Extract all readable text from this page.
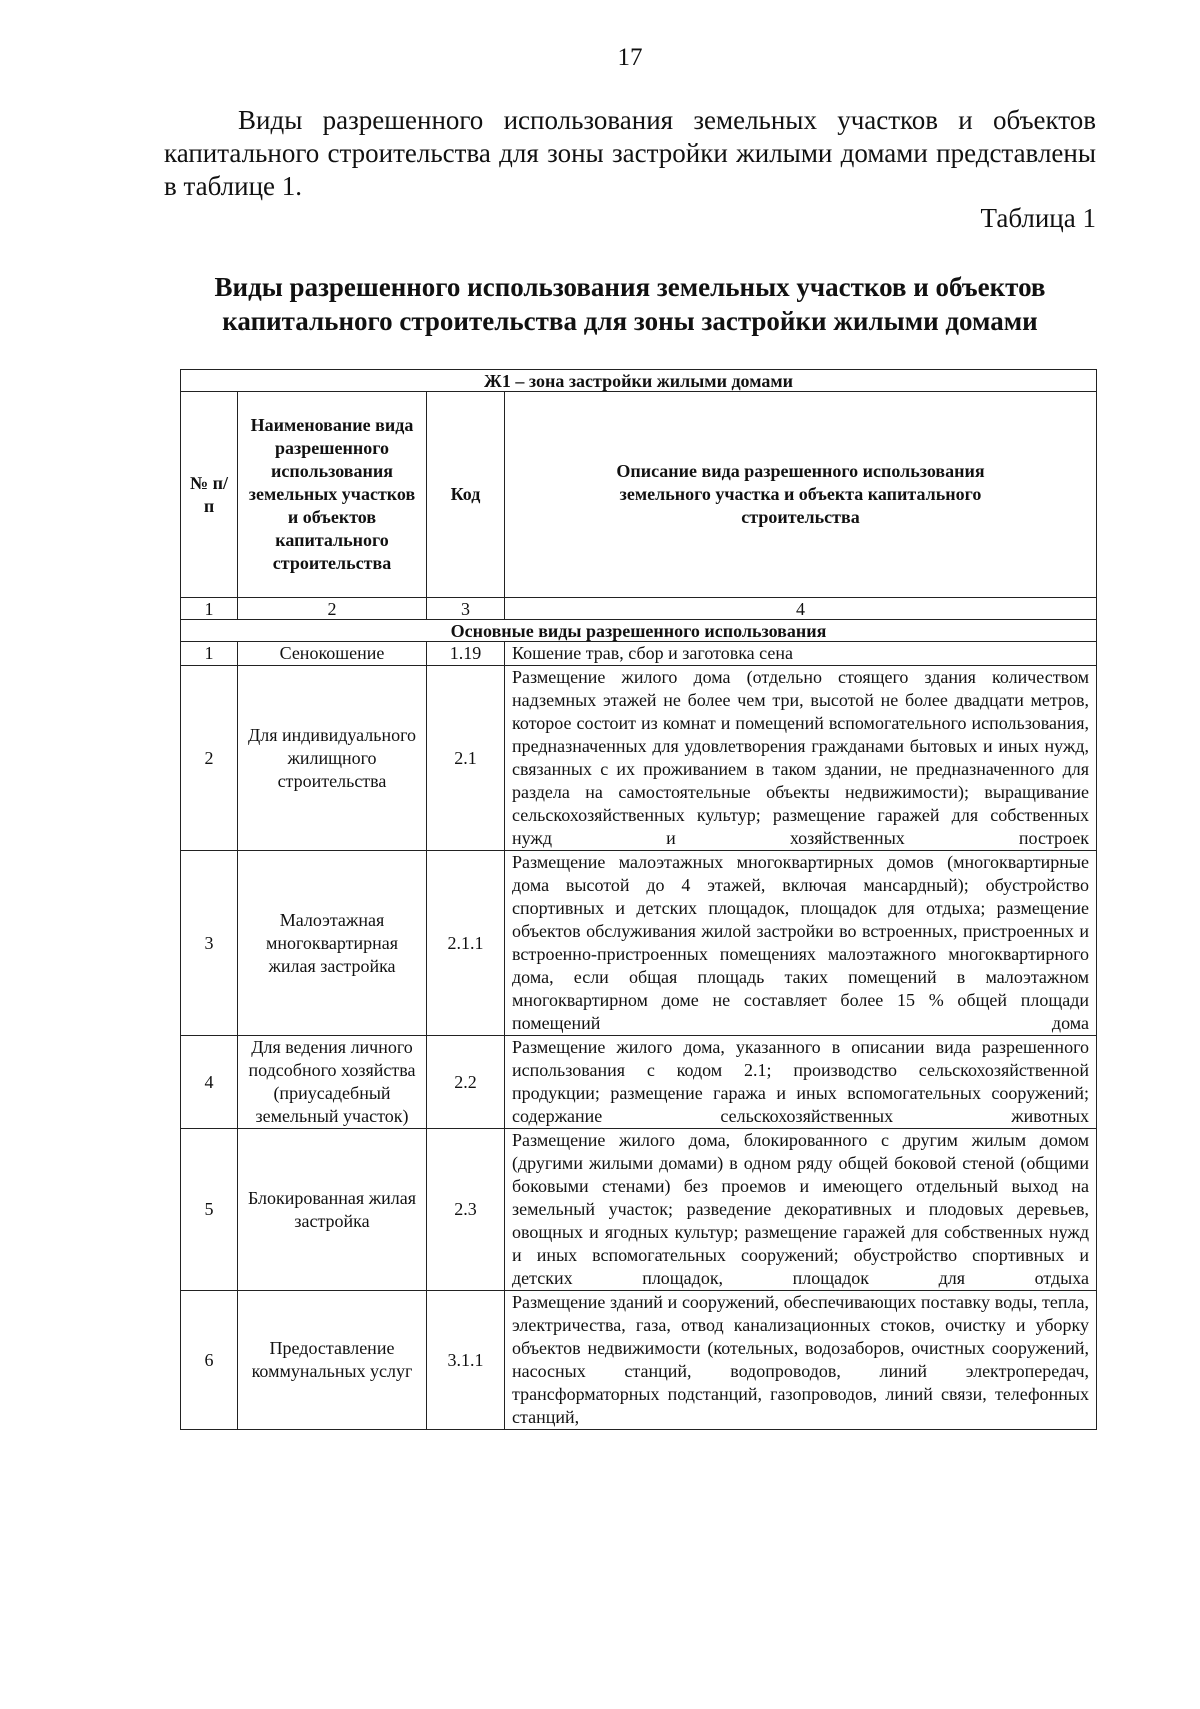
17

Виды разрешенного использования земельных участков и объектов капитального строительства для зоны застройки жилыми домами представлены в таблице 1.

Таблица 1

Виды разрешенного использования земельных участков и объектов капитального строительства для зоны застройки жилыми домами

Ж1 – зона застройки жилыми домами			
№ п/п	Наименование вида разрешенного использования земельных участков и объектов капитального строительства	Код	Описание вида разрешенного использования земельного участка и объекта капитального строительства
1	2	3	4
Основные виды разрешенного использования			
1	Сенокошение	1.19	Кошение трав, сбор и заготовка сена
2	Для индивидуального жилищного строительства	2.1	Размещение жилого дома (отдельно стоящего здания количеством надземных этажей не более чем три, высотой не более двадцати метров, которое состоит из комнат и помещений вспомогательного использования, предназначенных для удовлетворения гражданами бытовых и иных нужд, связанных с их проживанием в таком здании, не предназначенного для раздела на самостоятельные объекты недвижимости); выращивание сельскохозяйственных культур; размещение гаражей для собственных нужд и хозяйственных построек
3	Малоэтажная многоквартирная жилая застройка	2.1.1	Размещение малоэтажных многоквартирных домов (многоквартирные дома высотой до 4 этажей, включая мансардный); обустройство спортивных и детских площадок, площадок для отдыха; размещение объектов обслуживания жилой застройки во встроенных, пристроенных и встроенно-пристроенных помещениях малоэтажного многоквартирного дома, если общая площадь таких помещений в малоэтажном многоквартирном доме не составляет более 15 % общей площади помещений дома
4	Для ведения личного подсобного хозяйства (приусадебный земельный участок)	2.2	Размещение жилого дома, указанного в описании вида разрешенного использования с кодом 2.1; производство сельскохозяйственной продукции; размещение гаража и иных вспомогательных сооружений; содержание сельскохозяйственных животных
5	Блокированная жилая застройка	2.3	Размещение жилого дома, блокированного с другим жилым домом (другими жилыми домами) в одном ряду общей боковой стеной (общими боковыми стенами) без проемов и имеющего отдельный выход на земельный участок; разведение декоративных и плодовых деревьев, овощных и ягодных культур; размещение гаражей для собственных нужд и иных вспомогательных сооружений; обустройство спортивных и детских площадок, площадок для отдыха
6	Предоставление коммунальных услуг	3.1.1	Размещение зданий и сооружений, обеспечивающих поставку воды, тепла, электричества, газа, отвод канализационных стоков, очистку и уборку объектов недвижимости (котельных, водозаборов, очистных сооружений, насосных станций, водопроводов, линий электропередач, трансформаторных подстанций, газопроводов, линий связи, телефонных станций,
